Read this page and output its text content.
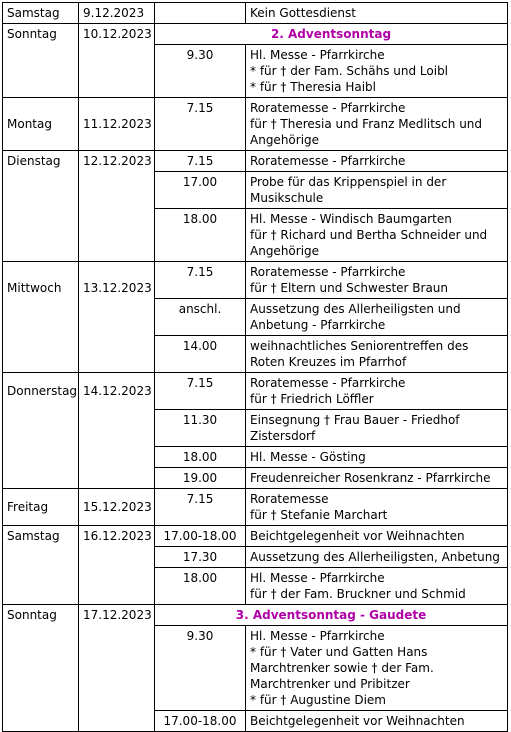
Samstag	9.12.2023		Kein Gottesdienst
Sonntag	10.12.2023	2. Adventsonntag	
		9.30	Hl. Messe - Pfarrkirche
* für † der Fam. Schähs und Loibl
* für † Theresia Haibl
Montag	11.12.2023	7.15	Roratemesse - Pfarrkirche
für † Theresia und Franz Medlitsch und Angehörige
Dienstag	12.12.2023	7.15	Roratemesse - Pfarrkirche
		17.00	Probe für das Krippenspiel in der Musikschule
		18.00	Hl. Messe - Windisch Baumgarten
für † Richard und Bertha Schneider und Angehörige
Mittwoch	13.12.2023	7.15	Roratemesse - Pfarrkirche
für † Eltern und Schwester Braun
		anschl.	Aussetzung des Allerheiligsten und Anbetung - Pfarrkirche
		14.00	weihnachtliches Seniorentreffen des Roten Kreuzes im Pfarrhof
Donnerstag	14.12.2023	7.15	Roratemesse - Pfarrkirche
für † Friedrich Löffler
		11.30	Einsegnung † Frau Bauer - Friedhof Zistersdorf
		18.00	Hl. Messe - Gösting
		19.00	Freudenreicher Rosenkranz - Pfarrkirche
Freitag	15.12.2023	7.15	Roratemesse
für † Stefanie Marchart
Samstag	16.12.2023	17.00-18.00	Beichtgelegenheit vor Weihnachten
		17.30	Aussetzung des Allerheiligsten, Anbetung
		18.00	Hl. Messe - Pfarrkirche
für † der Fam. Bruckner und Schmid
Sonntag	17.12.2023	3. Adventsonntag - Gaudete	
		9.30	Hl. Messe - Pfarrkirche
* für † Vater und Gatten Hans
Marchtrenker sowie † der Fam.
Marchtrenker und Pribitzer
* für † Augustine Diem
		17.00-18.00	Beichtgelegenheit vor Weihnachten
